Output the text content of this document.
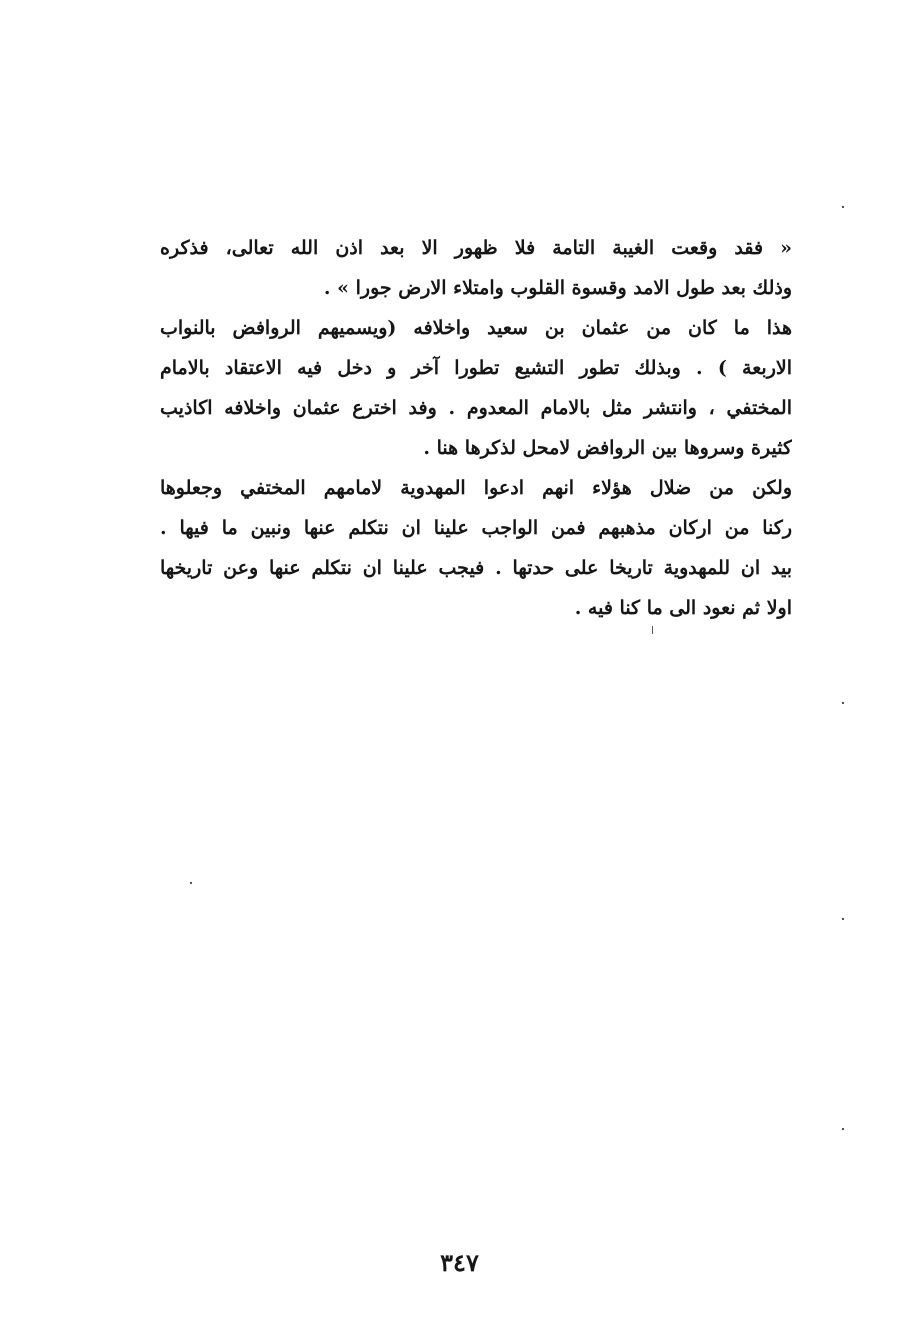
« فقد وقعت الغيبة التامة فلا ظهور الا بعد اذن الله تعالى، فذكره
وذلك بعد طول الامد وقسوة القلوب وامتلاء الارض جورا » .
هذا ما كان من عثمان بن سعيد واخلافه (ويسميهم الروافض بالنواب
الاربعة ) . وبذلك تطور التشيع تطورا آخر و دخل فيه الاعتقاد بالامام
المختفي ، وانتشر مثل بالامام المعدوم . وفد اخترع عثمان واخلافه اكاذيب
كثيرة وسروها بين الروافض لامحل لذكرها هنا .
ولكن من ضلال هؤلاء انهم ادعوا المهدوية لامامهم المختفي وجعلوها
ركنا من اركان مذهبهم فمن الواجب علينا ان نتكلم عنها ونبين ما فيها .
بيد ان للمهدوية تاريخا على حدتها . فيجب علينا ان نتكلم عنها وعن تاريخها
اولا ثم نعود الى ما كنا فيه .
٣٤٧
